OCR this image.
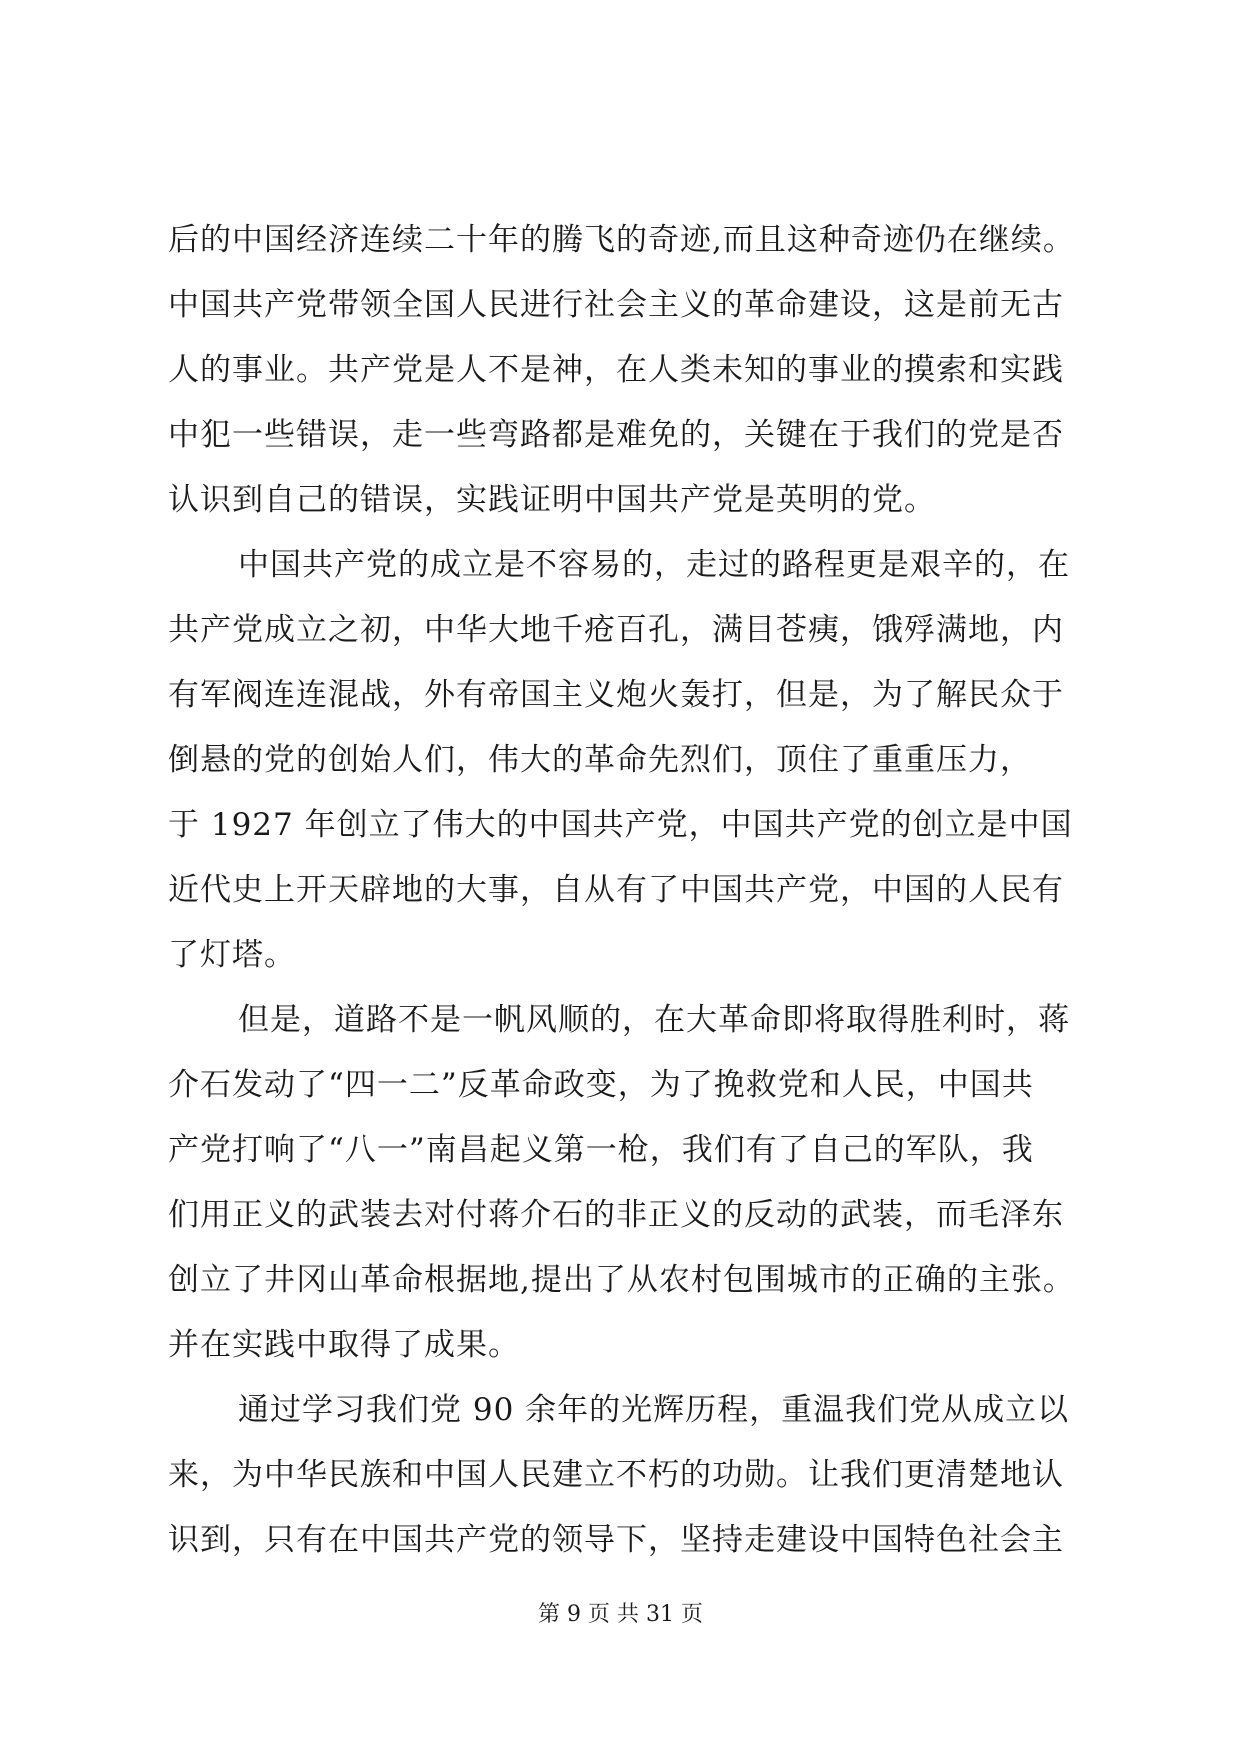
后的中国经济连续二十年的腾飞的奇迹,而且这种奇迹仍在继续。
中国共产党带领全国人民进行社会主义的革命建设，这是前无古
人的事业。共产党是人不是神，在人类未知的事业的摸索和实践
中犯一些错误，走一些弯路都是难免的，关键在于我们的党是否
认识到自己的错误，实践证明中国共产党是英明的党。
中国共产党的成立是不容易的，走过的路程更是艰辛的，在
共产党成立之初，中华大地千疮百孔，满目苍痍，饿殍满地，内
有军阀连连混战，外有帝国主义炮火轰打，但是，为了解民众于
倒悬的党的创始人们，伟大的革命先烈们，顶住了重重压力，
于 1927 年创立了伟大的中国共产党，中国共产党的创立是中国
近代史上开天辟地的大事，自从有了中国共产党，中国的人民有
了灯塔。
但是，道路不是一帆风顺的，在大革命即将取得胜利时，蒋
介石发动了“四一二”反革命政变，为了挽救党和人民，中国共
产党打响了“八一”南昌起义第一枪，我们有了自己的军队，我
们用正义的武装去对付蒋介石的非正义的反动的武装，而毛泽东
创立了井冈山革命根据地,提出了从农村包围城市的正确的主张。
并在实践中取得了成果。
通过学习我们党 90 余年的光辉历程，重温我们党从成立以
来，为中华民族和中国人民建立不朽的功勋。让我们更清楚地认
识到，只有在中国共产党的领导下，坚持走建设中国特色社会主
第 9 页 共 31 页
